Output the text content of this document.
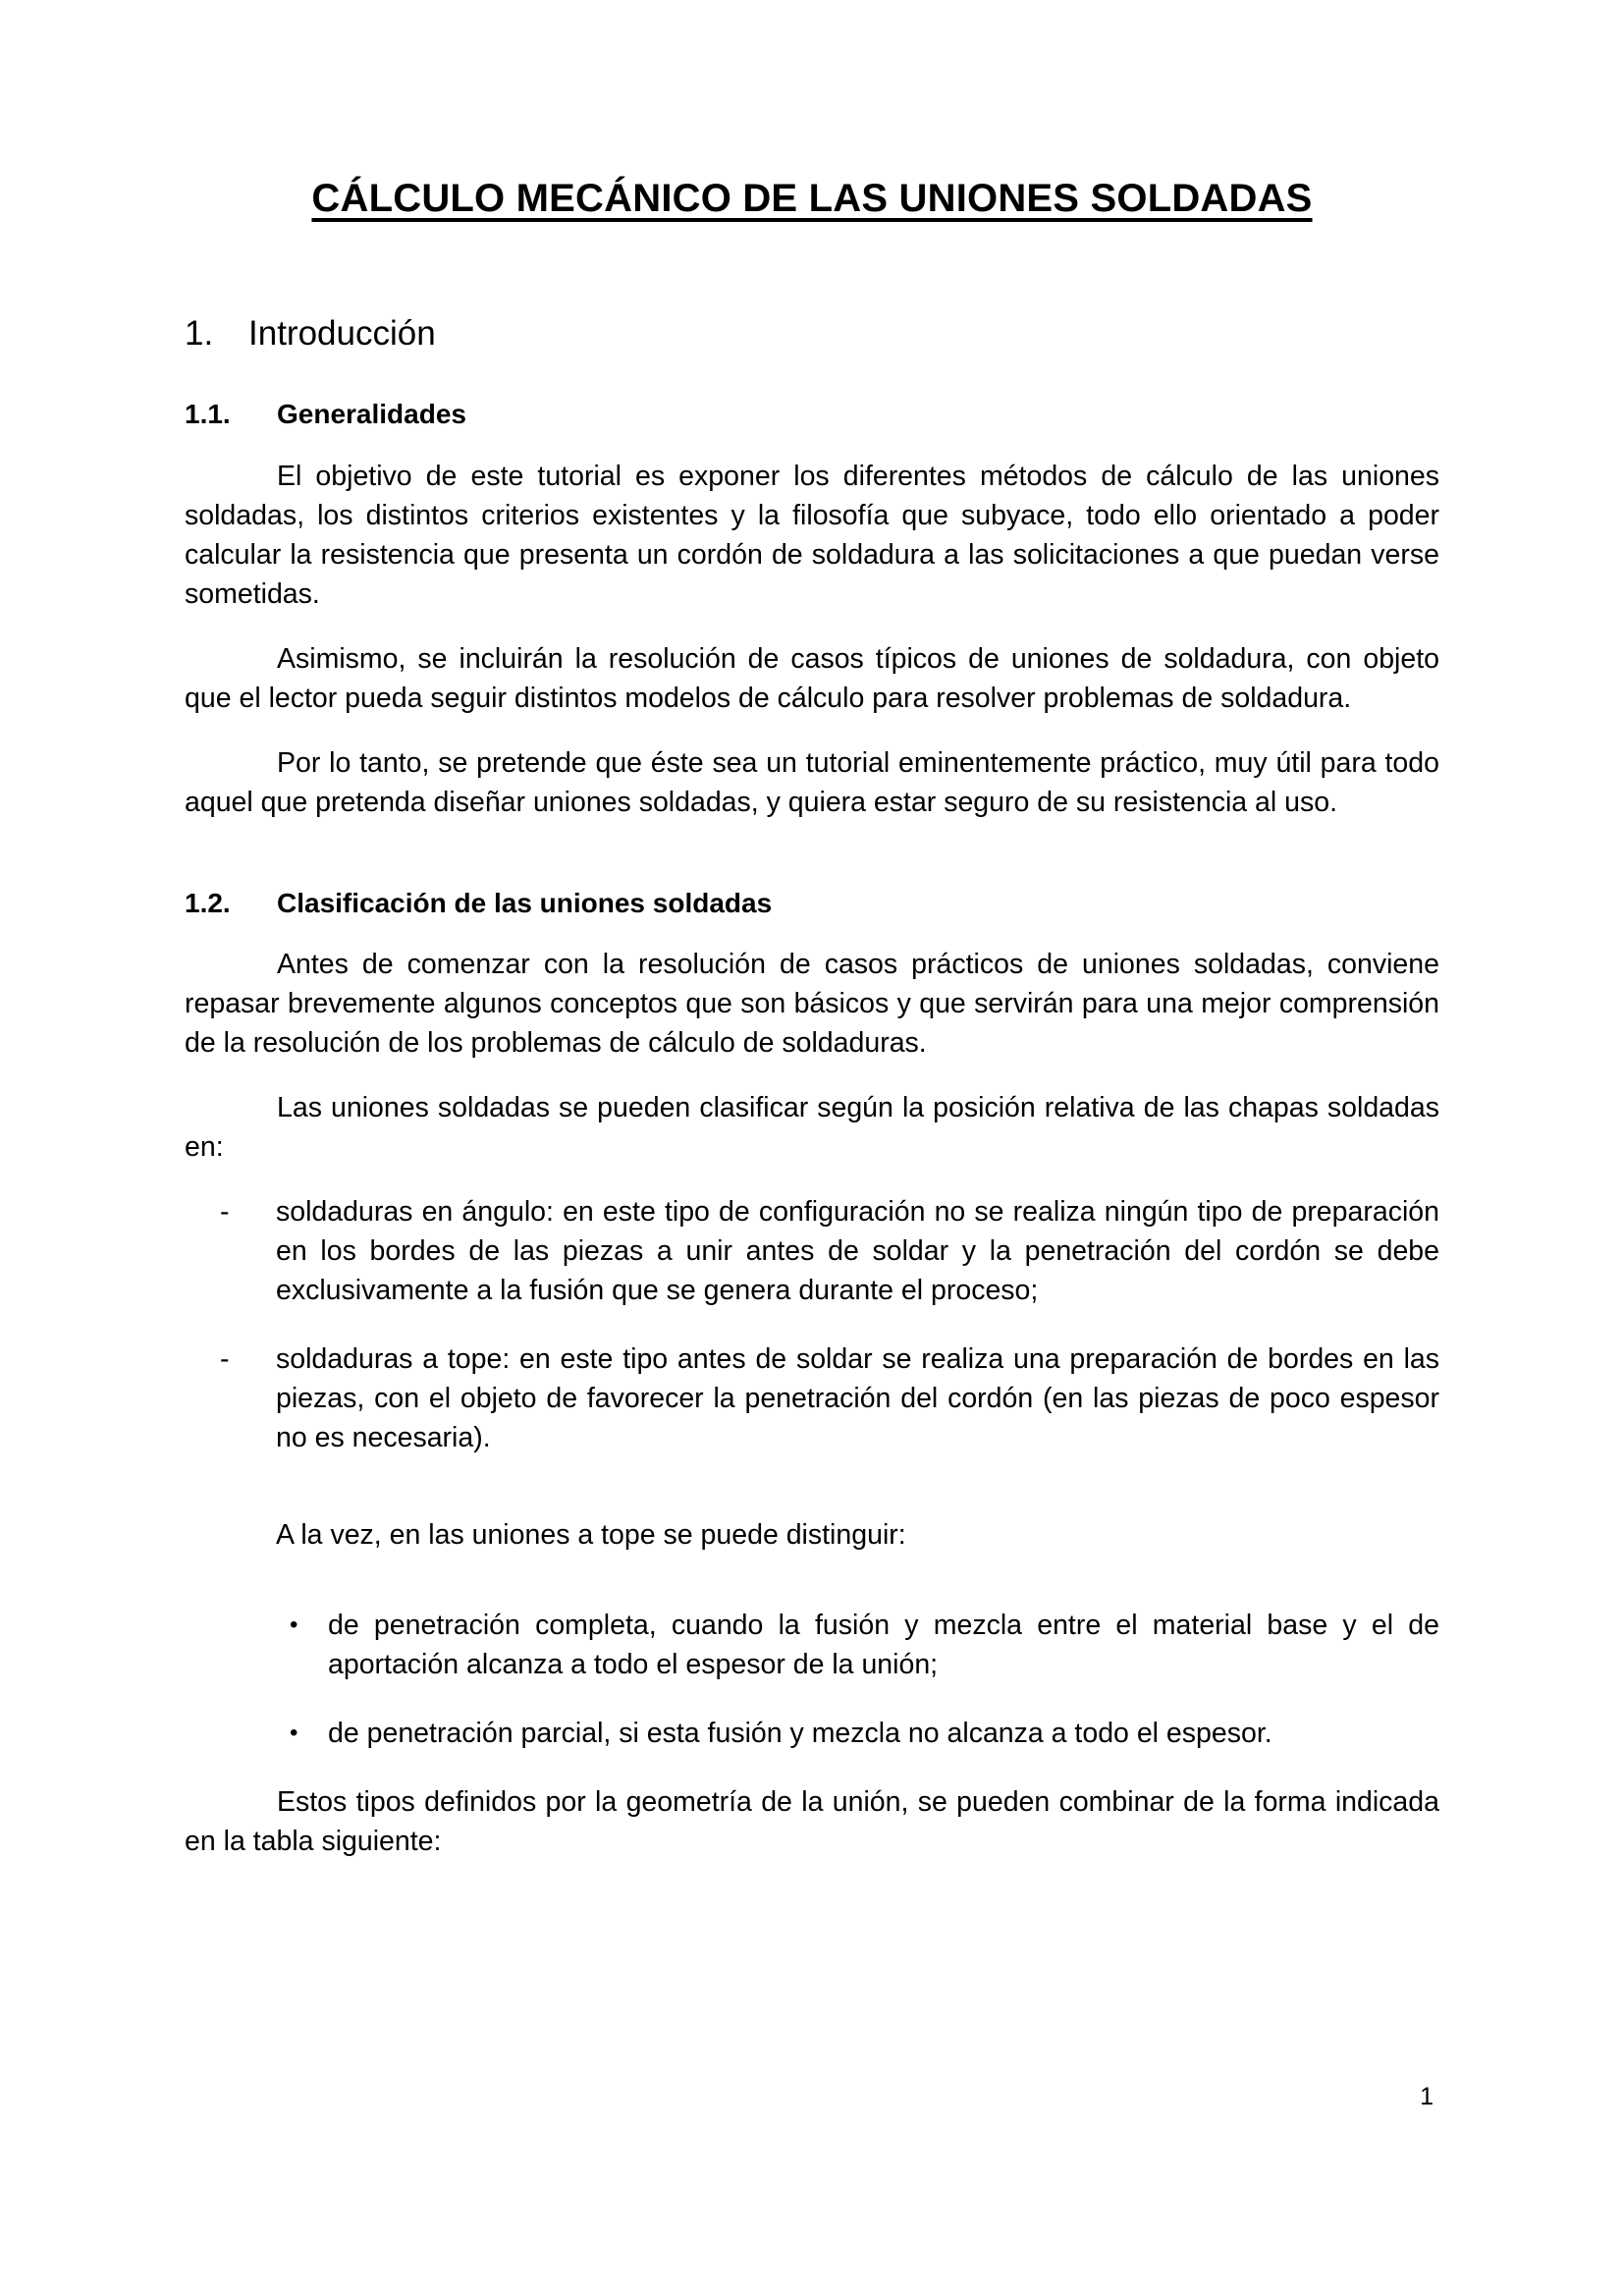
CÁLCULO MECÁNICO DE LAS UNIONES SOLDADAS
1.	Introducción
1.1.	Generalidades

El objetivo de este tutorial es exponer los diferentes métodos de cálculo de las uniones soldadas, los distintos criterios existentes y la filosofía que subyace, todo ello orientado a poder calcular la resistencia que presenta un cordón de soldadura a las solicitaciones a que puedan verse sometidas.

Asimismo, se incluirán la resolución de casos típicos de uniones de soldadura, con objeto que el lector pueda seguir distintos modelos de cálculo para resolver problemas de soldadura.

Por lo tanto, se pretende que éste sea un tutorial eminentemente práctico, muy útil para todo aquel que pretenda diseñar uniones soldadas, y quiera estar seguro de su resistencia al uso.

1.2.	Clasificación de las uniones soldadas

Antes de comenzar con la resolución de casos prácticos de uniones soldadas, conviene repasar brevemente algunos conceptos que son básicos y que servirán para una mejor comprensión de la resolución de los problemas de cálculo de soldaduras.

Las uniones soldadas se pueden clasificar según la posición relativa de las chapas soldadas en:

-	soldaduras en ángulo: en este tipo de configuración no se realiza ningún tipo de preparación en los bordes de las piezas a unir antes de soldar y la penetración del cordón se debe exclusivamente a la fusión que se genera durante el proceso;
-	soldaduras a tope: en este tipo antes de soldar se realiza una preparación de bordes en las piezas, con el objeto de favorecer la penetración del cordón (en las piezas de poco espesor no es necesaria).

A la vez, en las uniones a tope se puede distinguir:

•	de penetración completa, cuando la fusión y mezcla entre el material base y el de aportación alcanza a todo el espesor de la unión;
•	de penetración parcial, si esta fusión y mezcla no alcanza a todo el espesor.

Estos tipos definidos por la geometría de la unión, se pueden combinar de la forma indicada en la tabla siguiente:

1
